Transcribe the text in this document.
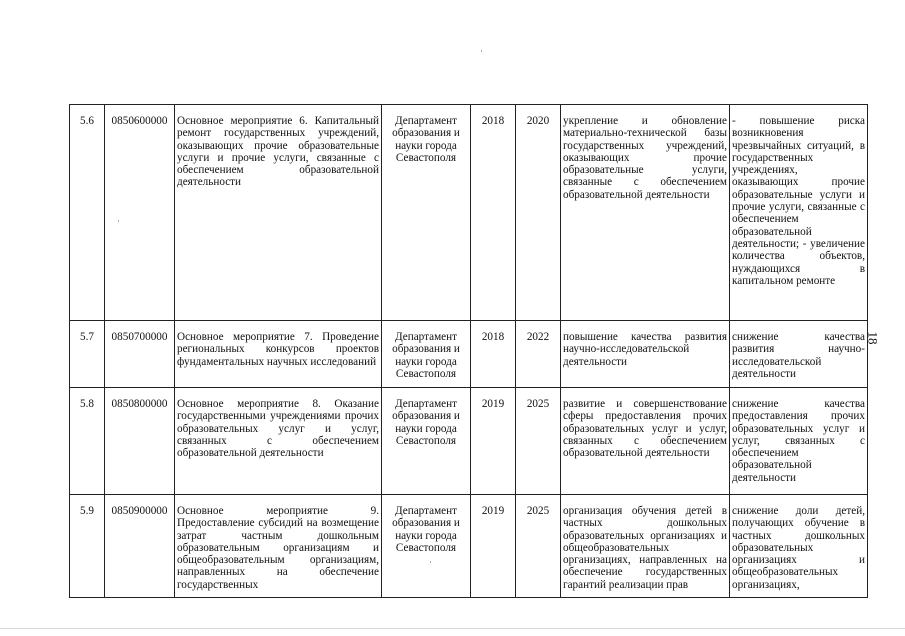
5.6	0850600000	Основное мероприятие 6. Капитальный ремонт государственных учреждений, оказывающих прочие образовательные услуги и прочие услуги, связанные с обеспечением образовательной деятельности	Департамент образования и науки города Севастополя	2018	2020	укрепление и обновление материально-технической базы государственных учреждений, оказывающих прочие образовательные услуги, связанные с обеспечением образовательной деятельности	- повышение риска возникновения чрезвычайных ситуаций, в государственных учреждениях, оказывающих прочие образовательные услуги и прочие услуги, связанные с обеспечением образовательной деятельности; - увеличение количества объектов, нуждающихся в капитальном ремонте
5.7	0850700000	Основное мероприятие 7. Проведение региональных конкурсов проектов фундаментальных научных исследований	Департамент образования и науки города Севастополя	2018	2022	повышение качества развития научно-исследовательской деятельности	снижение качества развития научно-исследовательской деятельности
5.8	0850800000	Основное мероприятие 8. Оказание государственными учреждениями прочих образовательных услуг и услуг, связанных с обеспечением образовательной деятельности	Департамент образования и науки города Севастополя	2019	2025	развитие и совершенствование сферы предоставления прочих образовательных услуг и услуг, связанных с обеспечением образовательной деятельности	снижение качества предоставления прочих образовательных услуг и услуг, связанных с обеспечением образовательной деятельности
5.9	0850900000	Основное мероприятие 9. Предоставление субсидий на возмещение затрат частным дошкольным образовательным организациям и общеобразовательным организациям, направленных на обеспечение государственных	Департамент образования и науки города Севастополя	2019	2025	организация обучения детей в частных дошкольных образовательных организациях и общеобразовательных организациях, направленных на обеспечение государственных гарантий реализации прав	снижение доли детей, получающих обучение в частных дошкольных образовательных организациях и общеобразовательных организациях,
18
·
·
·
